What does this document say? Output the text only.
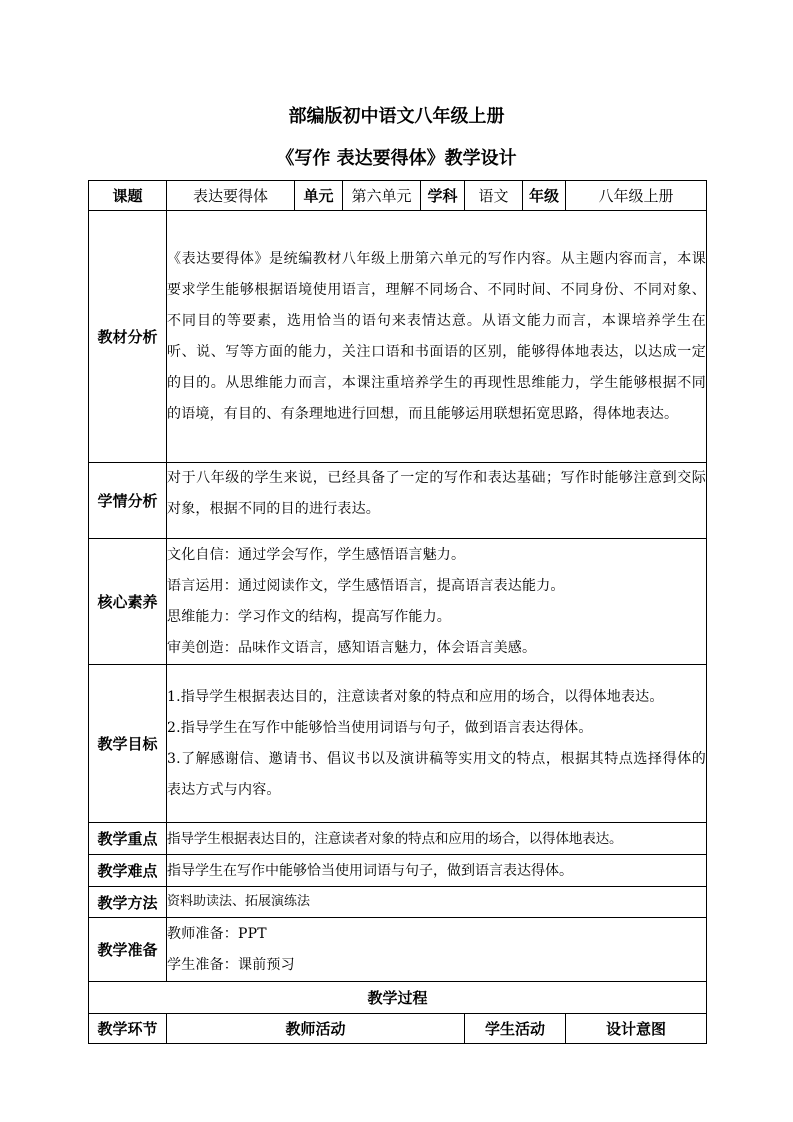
部编版初中语文八年级上册
《写作 表达要得体》教学设计
课题	表达要得体	单元	第六单元	学科	语文	年级	八年级上册
教材分析	《表达要得体》是统编教材八年级上册第六单元的写作内容。从主题内容而言，本课要求学生能够根据语境使用语言，理解不同场合、不同时间、不同身份、不同对象、不同目的等要素，选用恰当的语句来表情达意。从语文能力而言，本课培养学生在听、说、写等方面的能力，关注口语和书面语的区别，能够得体地表达，以达成一定的目的。从思维能力而言，本课注重培养学生的再现性思维能力，学生能够根据不同的语境，有目的、有条理地进行回想，而且能够运用联想拓宽思路，得体地表达。						
学情分析	对于八年级的学生来说，已经具备了一定的写作和表达基础；写作时能够注意到交际对象，根据不同的目的进行表达。						
核心素养	文化自信：通过学会写作，学生感悟语言魅力。

语言运用：通过阅读作文，学生感悟语言，提高语言表达能力。

思维能力：学习作文的结构，提高写作能力。

审美创造：品味作文语言，感知语言魅力，体会语言美感。						

教学目标	1.指导学生根据表达目的，注意读者对象的特点和应用的场合，以得体地表达。

2.指导学生在写作中能够恰当使用词语与句子，做到语言表达得体。

3.了解感谢信、邀请书、倡议书以及演讲稿等实用文的特点，根据其特点选择得体的表达方式与内容。						

教学重点	指导学生根据表达目的，注意读者对象的特点和应用的场合，以得体地表达。						
教学难点	指导学生在写作中能够恰当使用词语与句子，做到语言表达得体。						
教学方法	资料助读法、拓展演练法						
教学准备	教师准备：PPT

学生准备：课前预习						

教学过程							
教学环节	教师活动				学生活动		设计意图
